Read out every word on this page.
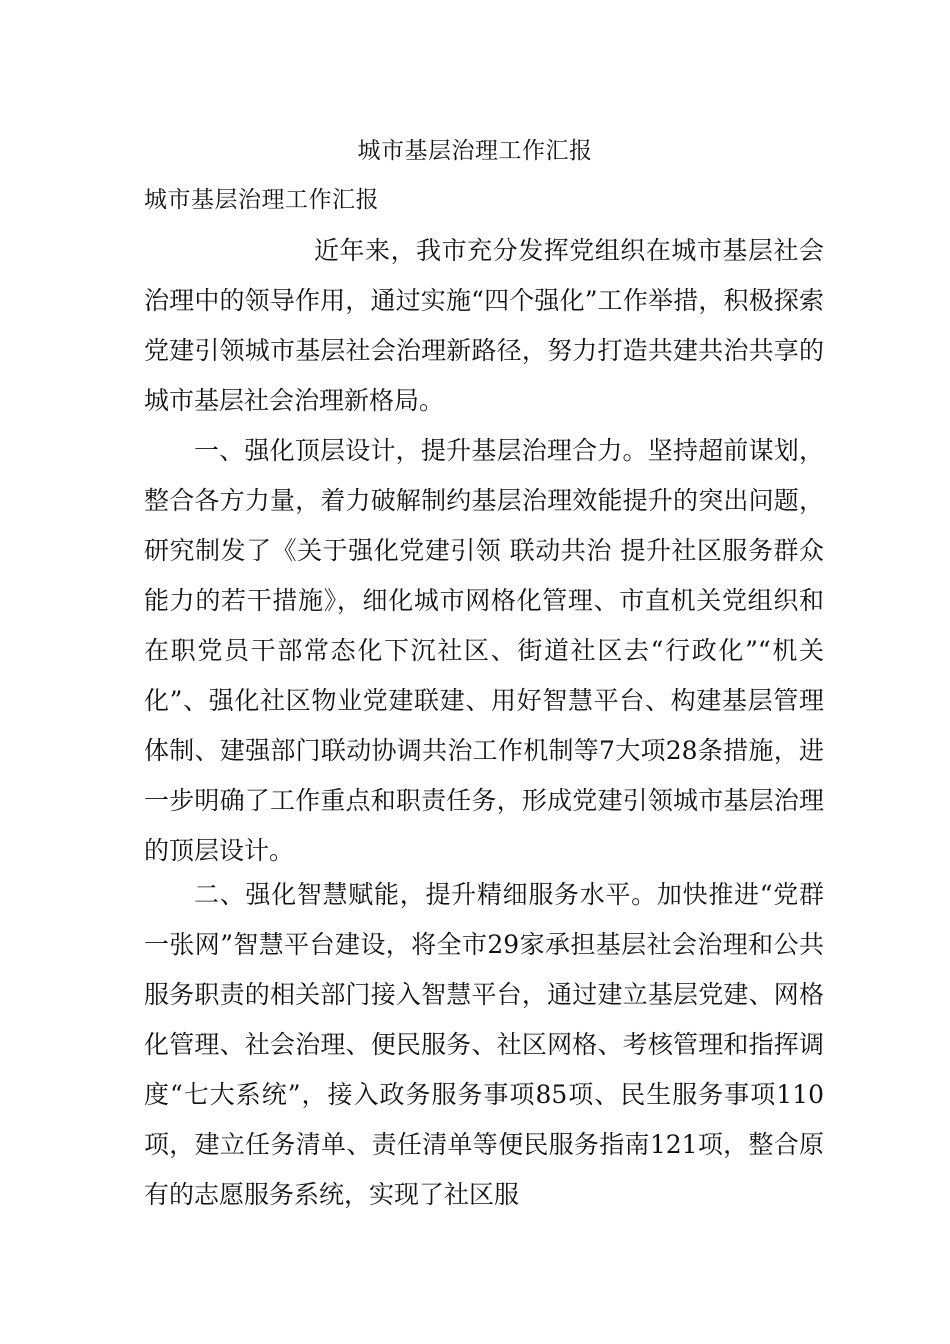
城市基层治理工作汇报
城市基层治理工作汇报

近年来，我市充分发挥党组织在城市基层社会治理中的领导作用，通过实施“四个强化”工作举措，积极探索党建引领城市基层社会治理新路径，努力打造共建共治共享的城市基层社会治理新格局。

一、强化顶层设计，提升基层治理合力。坚持超前谋划，整合各方力量，着力破解制约基层治理效能提升的突出问题，研究制发了《关于强化党建引领 联动共治 提升社区服务群众能力的若干措施》，细化城市网格化管理、市直机关党组织和在职党员干部常态化下沉社区、街道社区去“行政化”“机关化”、强化社区物业党建联建、用好智慧平台、构建基层管理体制、建强部门联动协调共治工作机制等7大项28条措施，进一步明确了工作重点和职责任务，形成党建引领城市基层治理的顶层设计。

二、强化智慧赋能，提升精细服务水平。加快推进“党群一张网”智慧平台建设，将全市29家承担基层社会治理和公共服务职责的相关部门接入智慧平台，通过建立基层党建、网格化管理、社会治理、便民服务、社区网格、考核管理和指挥调度“七大系统”，接入政务服务事项85项、民生服务事项110项，建立任务清单、责任清单等便民服务指南121项，整合原有的志愿服务系统，实现了社区服
